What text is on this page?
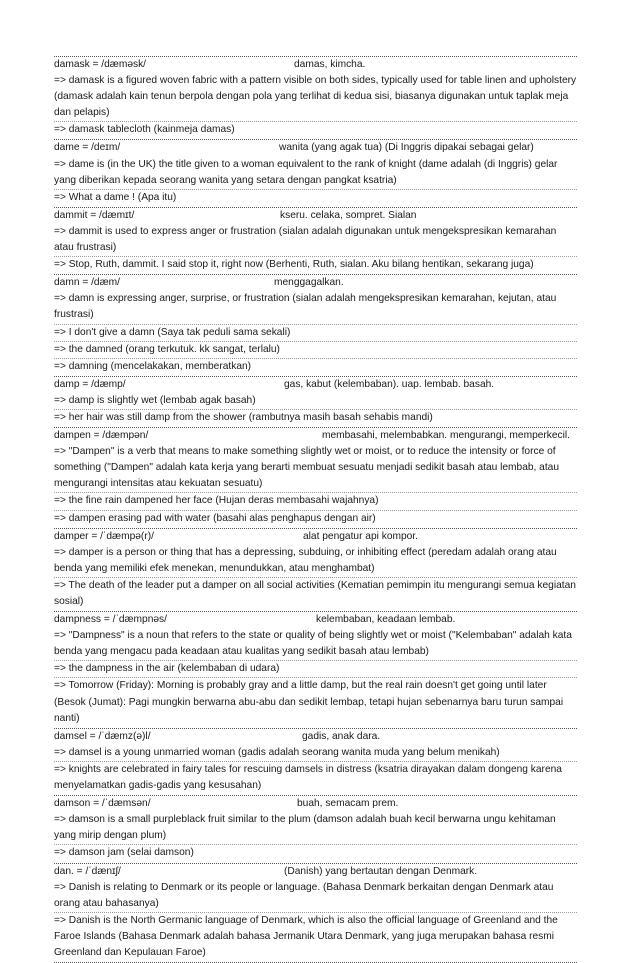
damask = /dæməsk/	damas, kimcha.

=> damask is a figured woven fabric with a pattern visible on both sides, typically used for table linen and upholstery (damask adalah kain tenun berpola dengan pola yang terlihat di kedua sisi, biasanya digunakan untuk taplak meja dan pelapis)

=> damask tablecloth (kainmeja damas)

dame = /deɪm/	wanita (yang agak tua) (Di Inggris dipakai sebagai gelar)

=> dame is (in the UK) the title given to a woman equivalent to the rank of knight (dame adalah (di Inggris) gelar yang diberikan kepada seorang wanita yang setara dengan pangkat ksatria)

=> What a dame ! (Apa itu)

dammit = /dæmɪt/	kseru. celaka, sompret. Sialan

=> dammit is used to express anger or frustration (sialan adalah digunakan untuk mengekspresikan kemarahan atau frustrasi)

=> Stop, Ruth, dammit. I said stop it, right now (Berhenti, Ruth, sialan. Aku bilang hentikan, sekarang juga)

damn = /dæm/	menggagalkan.

=> damn is expressing anger, surprise, or frustration (sialan adalah mengekspresikan kemarahan, kejutan, atau frustrasi)

=> I don't give a damn (Saya tak peduli sama sekali)

=> the damned (orang terkutuk. kk sangat, terlalu)

=> damning (mencelakakan, memberatkan)

damp = /dæmp/	gas, kabut (kelembaban). uap. lembab. basah.

=> damp is slightly wet (lembab agak basah)

=> her hair was still damp from the shower (rambutnya masih basah sehabis mandi)

dampen = /dæmpən/	membasahi, melembabkan. mengurangi, memperkecil.

=> "Dampen" is a verb that means to make something slightly wet or moist, or to reduce the intensity or force of something ("Dampen" adalah kata kerja yang berarti membuat sesuatu menjadi sedikit basah atau lembab, atau mengurangi intensitas atau kekuatan sesuatu)

=> the fine rain dampened her face (Hujan deras membasahi wajahnya)

=> dampen erasing pad with water (basahi alas penghapus dengan air)

damper = /ˈdæmpə(r)/	alat pengatur api kompor.

=> damper is a person or thing that has a depressing, subduing, or inhibiting effect (peredam adalah orang atau benda yang memiliki efek menekan, menundukkan, atau menghambat)

=> The death of the leader put a damper on all social activities (Kematian pemimpin itu mengurangi semua kegiatan sosial)

dampness = /ˈdæmpnəs/	kelembaban, keadaan lembab.

=> "Dampness" is a noun that refers to the state or quality of being slightly wet or moist ("Kelembaban" adalah kata benda yang mengacu pada keadaan atau kualitas yang sedikit basah atau lembab)

=> the dampness in the air (kelembaban di udara)

=> Tomorrow (Friday): Morning is probably gray and a little damp, but the real rain doesn't get going until later (Besok (Jumat): Pagi mungkin berwarna abu-abu dan sedikit lembap, tetapi hujan sebenarnya baru turun sampai nanti)

damsel = /ˈdæmz(ə)l/	gadis, anak dara.

=> damsel is a young unmarried woman (gadis adalah seorang wanita muda yang belum menikah)

=> knights are celebrated in fairy tales for rescuing damsels in distress (ksatria dirayakan dalam dongeng karena menyelamatkan gadis-gadis yang kesusahan)

damson = /ˈdæmsən/	buah, semacam prem.

=> damson is a small purpleblack fruit similar to the plum (damson adalah buah kecil berwarna ungu kehitaman yang mirip dengan plum)

=> damson jam (selai damson)

dan. = /ˈdænɪʃ/	(Danish) yang bertautan dengan Denmark.

=> Danish is relating to Denmark or its people or language. (Bahasa Denmark berkaitan dengan Denmark atau orang atau bahasanya)

=> Danish is the North Germanic language of Denmark, which is also the official language of Greenland and the Faroe Islands (Bahasa Denmark adalah bahasa Jermanik Utara Denmark, yang juga merupakan bahasa resmi Greenland dan Kepulauan Faroe)
